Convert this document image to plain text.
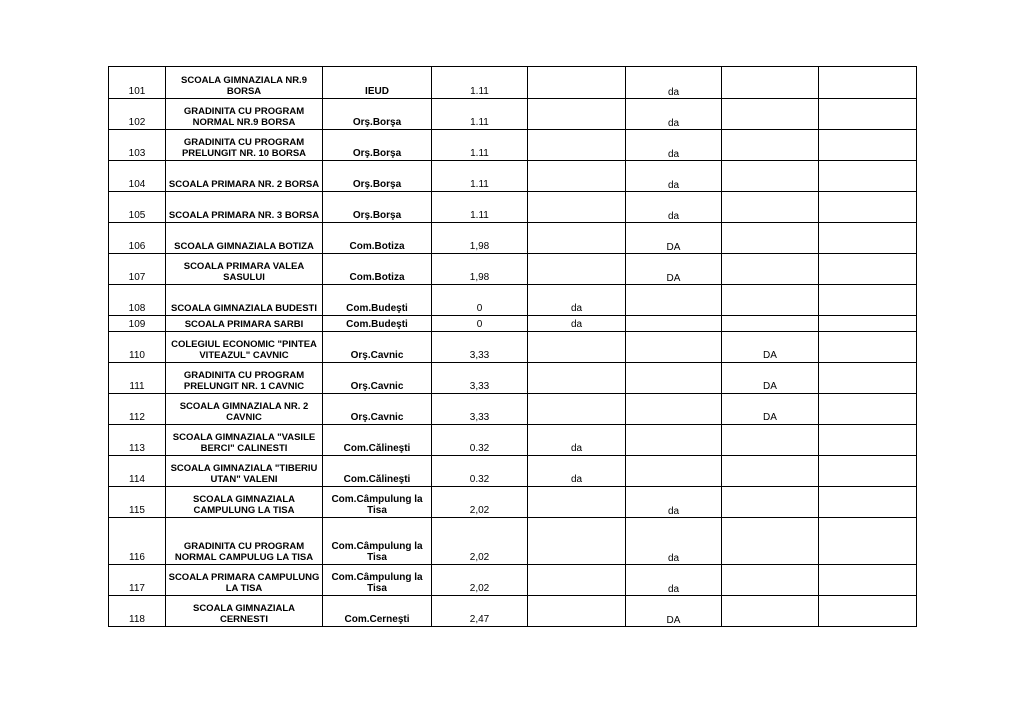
101	SCOALA GIMNAZIALA NR.9 BORSA	IEUD	1.11		da		
102	GRADINITA CU PROGRAM NORMAL NR.9 BORSA	Orş.Borşa	1.11		da		
103	GRADINITA CU PROGRAM PRELUNGIT NR. 10 BORSA	Orş.Borşa	1.11		da		
104	SCOALA PRIMARA NR. 2 BORSA	Orş.Borşa	1.11		da		
105	SCOALA PRIMARA NR. 3 BORSA	Orş.Borşa	1.11		da		
106	SCOALA GIMNAZIALA BOTIZA	Com.Botiza	1,98		DA		
107	SCOALA PRIMARA VALEA SASULUI	Com.Botiza	1,98		DA		
108	SCOALA GIMNAZIALA BUDESTI	Com.Budeşti	0	da			
109	SCOALA PRIMARA SARBI	Com.Budeşti	0	da			
110	COLEGIUL ECONOMIC "PINTEA VITEAZUL" CAVNIC	Orş.Cavnic	3,33			DA	
111	GRADINITA CU PROGRAM PRELUNGIT NR. 1 CAVNIC	Orş.Cavnic	3,33			DA	
112	SCOALA GIMNAZIALA NR. 2 CAVNIC	Orş.Cavnic	3,33			DA	
113	SCOALA GIMNAZIALA "VASILE BERCI" CALINESTI	Com.Călineşti	0.32	da			
114	SCOALA GIMNAZIALA "TIBERIU UTAN" VALENI	Com.Călineşti	0.32	da			
115	SCOALA GIMNAZIALA CAMPULUNG LA TISA	Com.Câmpulung la Tisa	2,02		da		
116	GRADINITA CU PROGRAM NORMAL CAMPULUG LA TISA	Com.Câmpulung la Tisa	2,02		da		
117	SCOALA PRIMARA CAMPULUNG LA TISA	Com.Câmpulung la Tisa	2,02		da		
118	SCOALA GIMNAZIALA CERNESTI	Com.Cerneşti	2,47		DA		
